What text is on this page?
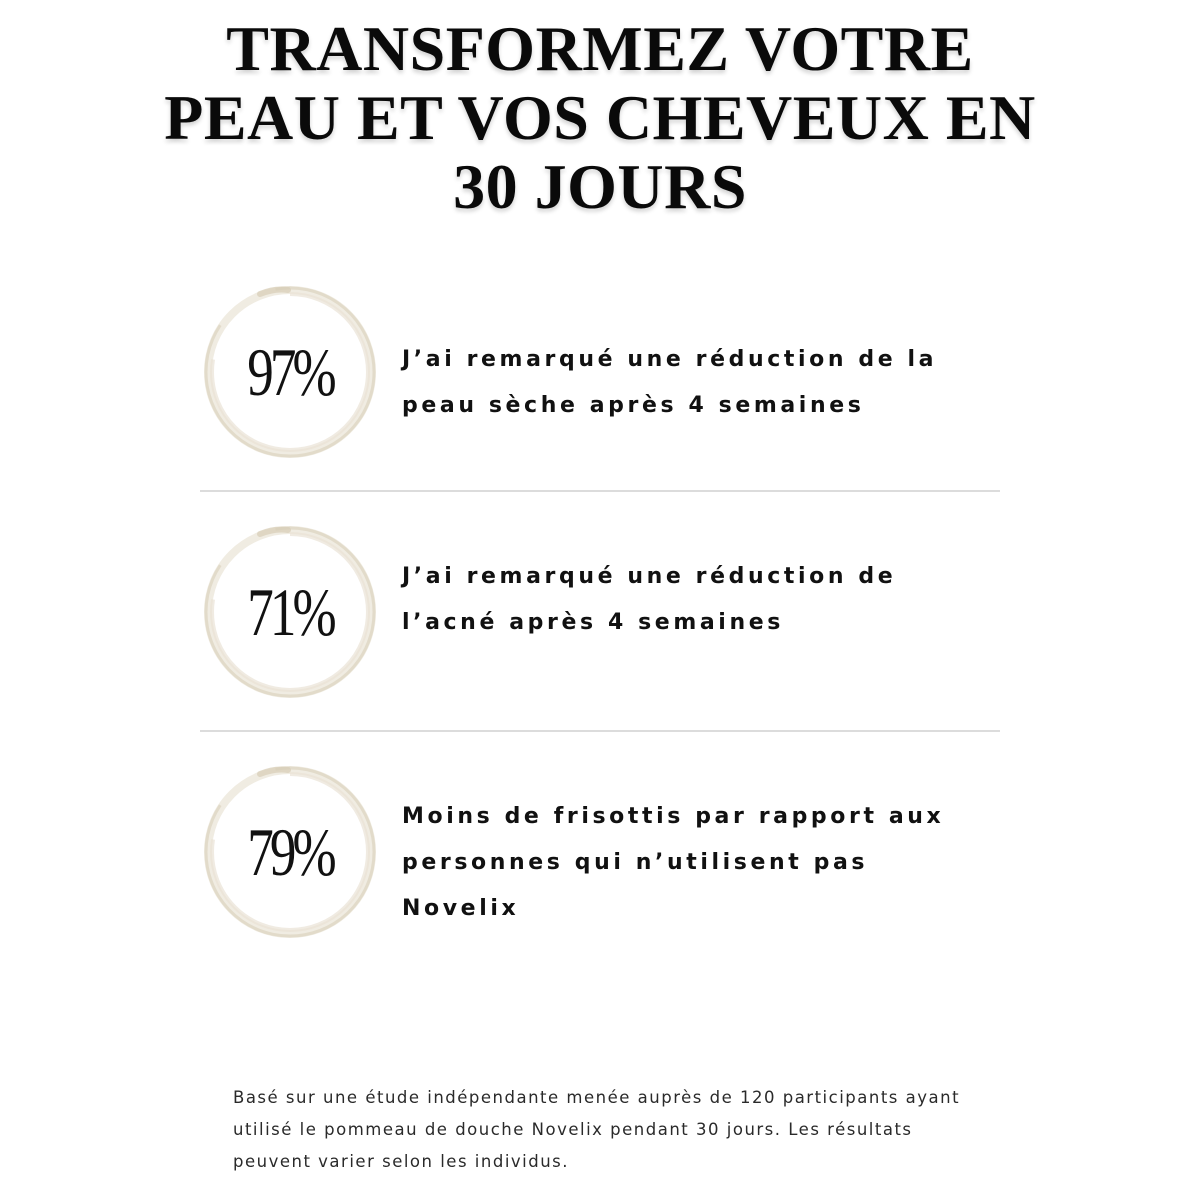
TRANSFORMEZ VOTRE
PEAU ET VOS CHEVEUX EN
30 JOURS
97%	J’ai remarqué une réduction de la peau sèche après 4 semaines

71%	J’ai remarqué une réduction de l’acné après 4 semaines

79%	Moins de frisottis par rapport aux personnes qui n’utilisent pas Novelix

Basé sur une étude indépendante menée auprès de 120 participants ayant utilisé le pommeau de douche Novelix pendant 30 jours. Les résultats peuvent varier selon les individus.
